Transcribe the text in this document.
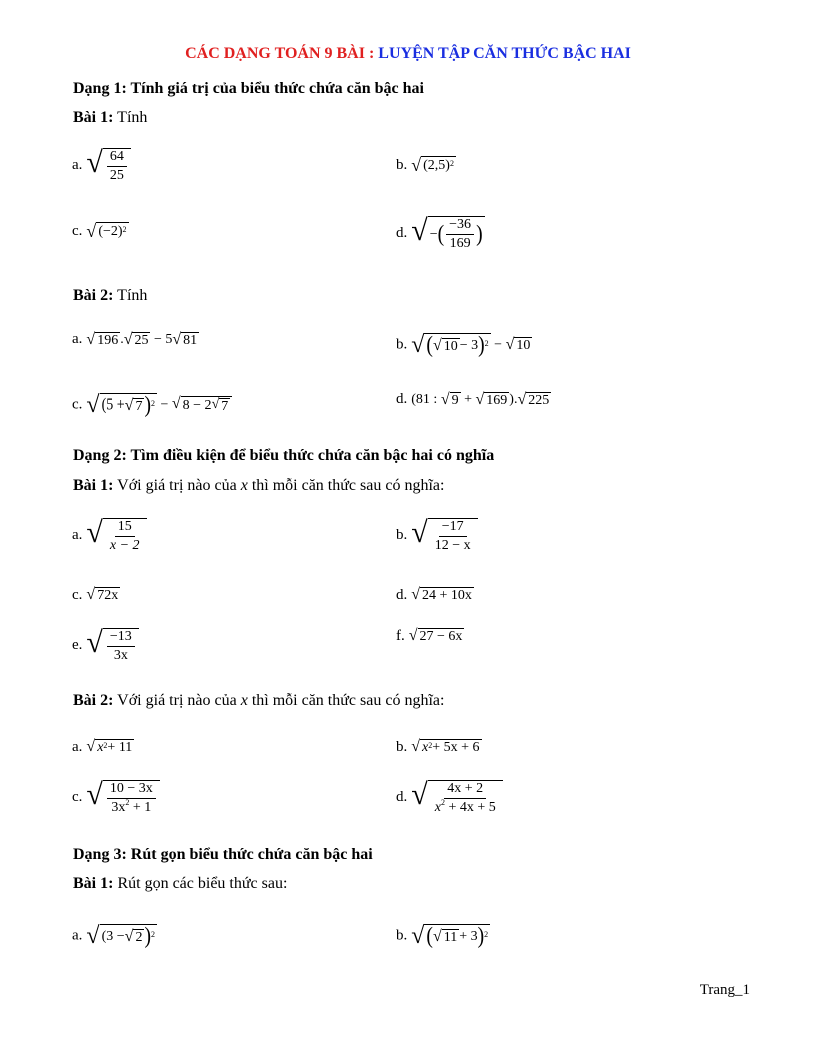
CÁC DẠNG TOÁN 9 BÀI : LUYỆN TẬP CĂN THỨC BẬC HAI
Dạng 1: Tính giá trị của biểu thức chứa căn bậc hai
Bài 1: Tính
a. √ $\frac{64}{25}$	b. √ $(2,5)^2$
c. √ $(-2)^2$	d. √ − ( $\frac{-36}{169}$ )
Bài 2: Tính
a. √ 196 . √ 25 − 5 √ 81	b. √ ( √ 10 − 3 )$^2$ − √ 10
c. √ (5 + √ 7 )$^2$ − √ 8 − 2 √ 7	d. (81 : √ 9 + √ 169 ). √ 225
Dạng 2: Tìm điều kiện để biểu thức chứa căn bậc hai có nghĩa
Bài 1: Với giá trị nào của x thì mỗi căn thức sau có nghĩa:
a. √ $\frac{15}{x - 2}$	b. √ $\frac{-17}{12 - x}$
c. √ 72x	d. √ 24 + 10x
e. √ $\frac{-13}{3x}$	f. √ 27 − 6x
Bài 2: Với giá trị nào của x thì mỗi căn thức sau có nghĩa:
a. √ $x^2 + 11$	b. √ $x^2 + 5x + 6$
c. √ $\frac{10 - 3x}{3x^2 + 1}$	d. √ $\frac{4x + 2}{x^2 + 4x + 5}$
Dạng 3: Rút gọn biểu thức chứa căn bậc hai
Bài 1: Rút gọn các biểu thức sau:
a. √ (3 − √ 2 )$^2$	b. √ ( √ 11 + 3 )$^2$
Trang_1
